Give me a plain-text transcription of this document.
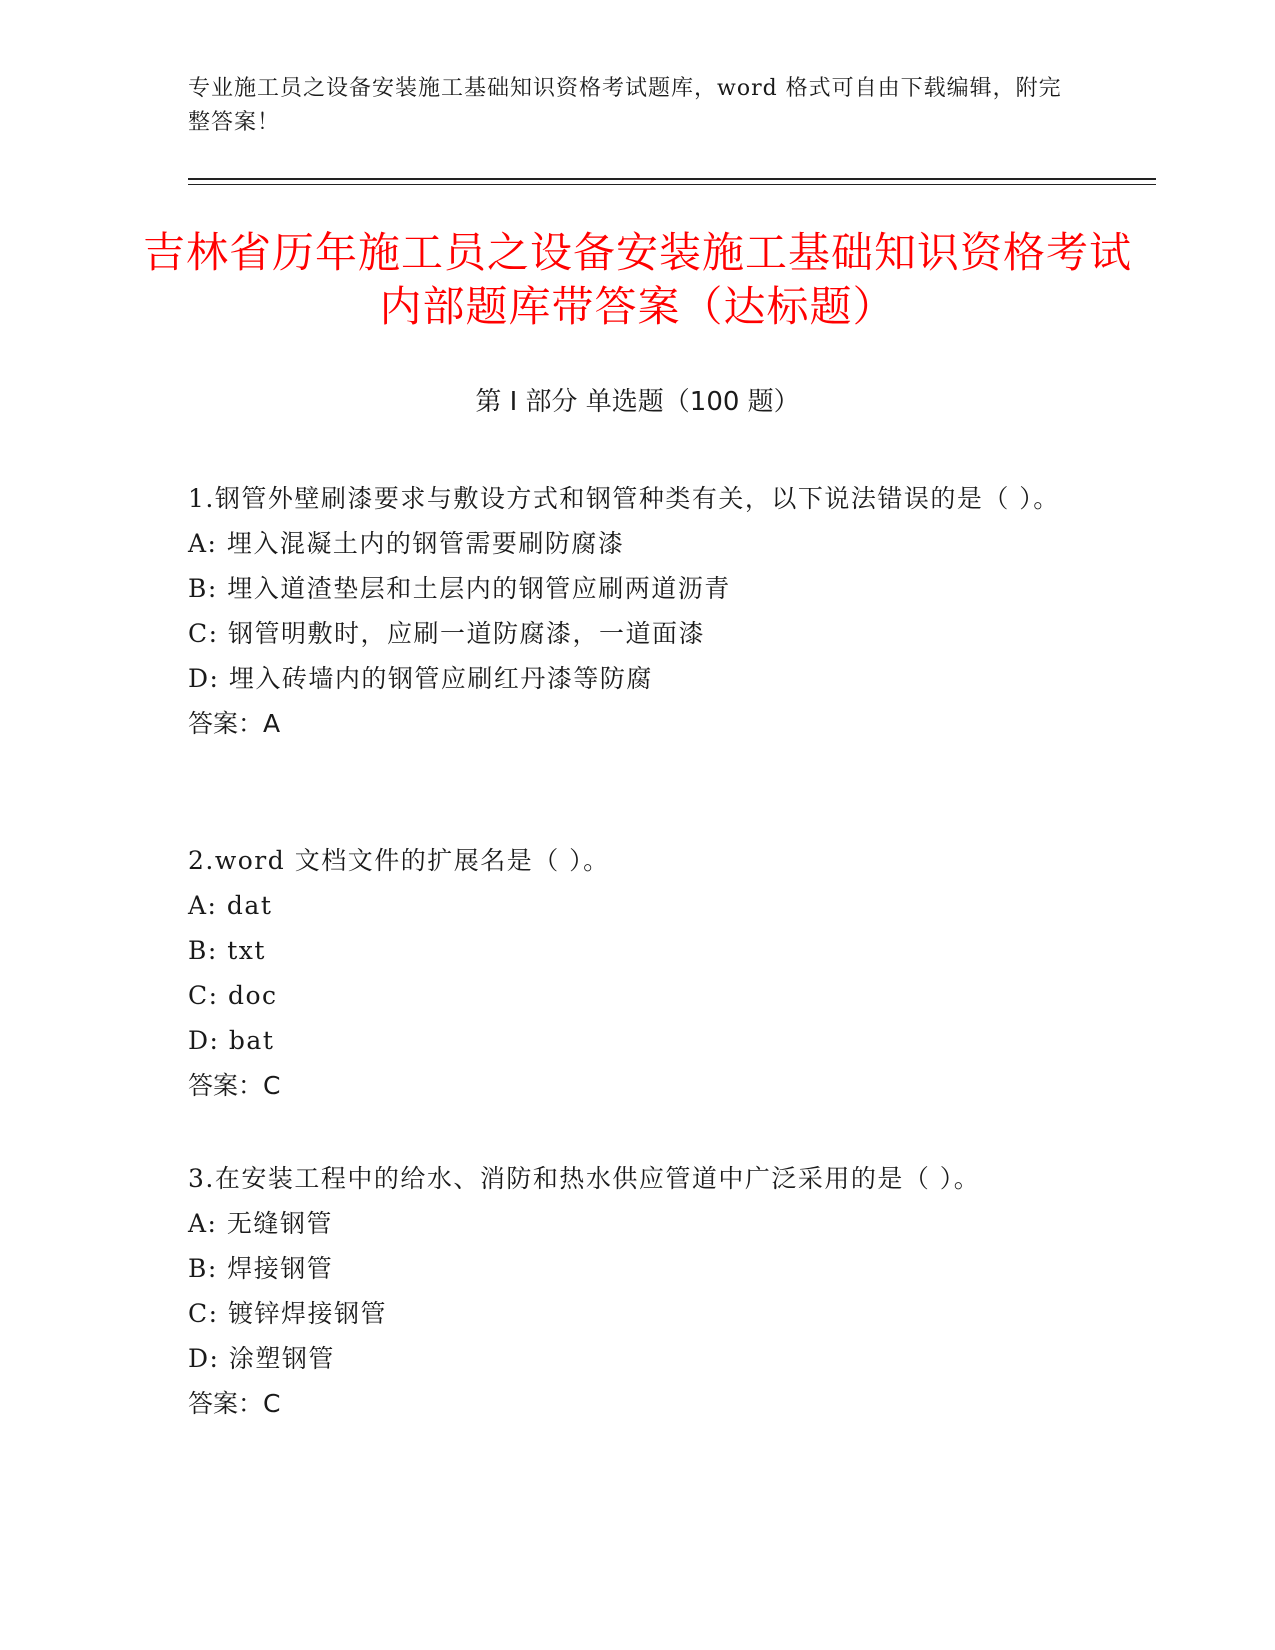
专业施工员之设备安装施工基础知识资格考试题库，word 格式可自由下载编辑，附完整答案！
吉林省历年施工员之设备安装施工基础知识资格考试内部题库带答案（达标题）
第 I 部分 单选题（100 题）

1.钢管外壁刷漆要求与敷设方式和钢管种类有关，以下说法错误的是（ ）。

A: 埋入混凝土内的钢管需要刷防腐漆

B: 埋入道渣垫层和土层内的钢管应刷两道沥青

C: 钢管明敷时，应刷一道防腐漆，一道面漆

D: 埋入砖墙内的钢管应刷红丹漆等防腐

答案：A

2.word 文档文件的扩展名是（ ）。

A: dat

B: txt

C: doc

D: bat

答案：C

3.在安装工程中的给水、消防和热水供应管道中广泛采用的是（ ）。

A: 无缝钢管

B: 焊接钢管

C: 镀锌焊接钢管

D: 涂塑钢管

答案：C
